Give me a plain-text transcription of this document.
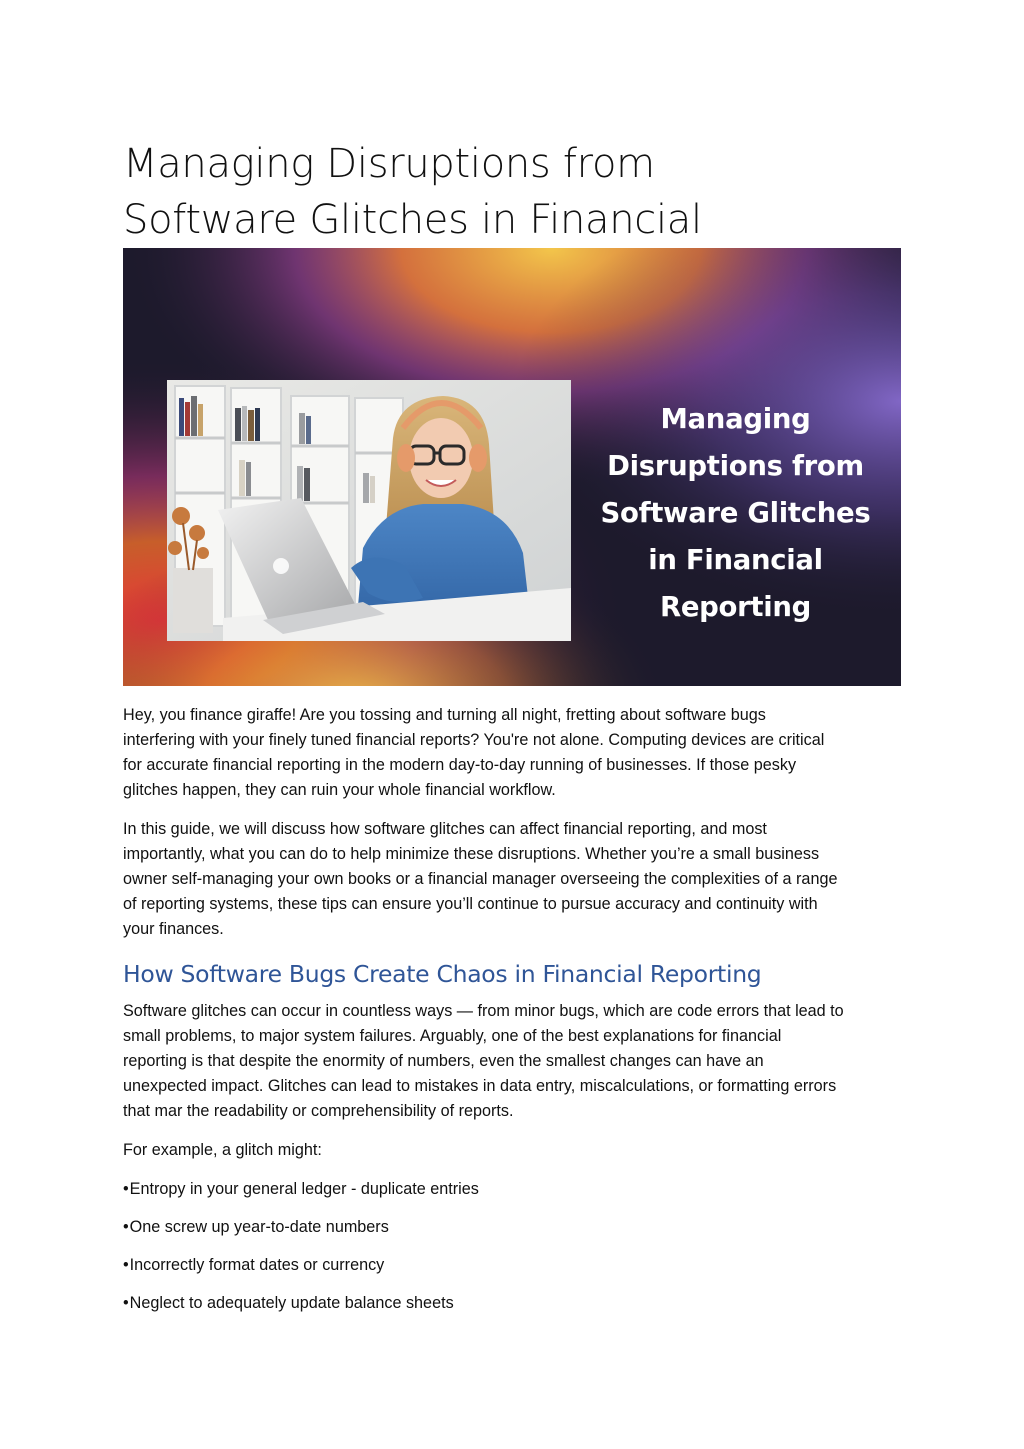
Managing Disruptions from
Software Glitches in Financial
Managing
Disruptions from
Software Glitches
in Financial
Reporting
Hey, you finance giraffe! Are you tossing and turning all night, fretting about software bugs
interfering with your finely tuned financial reports? You're not alone. Computing devices are critical
for accurate financial reporting in the modern day-to-day running of businesses. If those pesky
glitches happen, they can ruin your whole financial workflow.
In this guide, we will discuss how software glitches can affect financial reporting, and most
importantly, what you can do to help minimize these disruptions. Whether you’re a small business
owner self-managing your own books or a financial manager overseeing the complexities of a range
of reporting systems, these tips can ensure you’ll continue to pursue accuracy and continuity with
your finances.
How Software Bugs Create Chaos in Financial Reporting
Software glitches can occur in countless ways — from minor bugs, which are code errors that lead to
small problems, to major system failures. Arguably, one of the best explanations for financial
reporting is that despite the enormity of numbers, even the smallest changes can have an
unexpected impact. Glitches can lead to mistakes in data entry, miscalculations, or formatting errors
that mar the readability or comprehensibility of reports.
For example, a glitch might:
•Entropy in your general ledger - duplicate entries
•One screw up year-to-date numbers
•Incorrectly format dates or currency
•Neglect to adequately update balance sheets
